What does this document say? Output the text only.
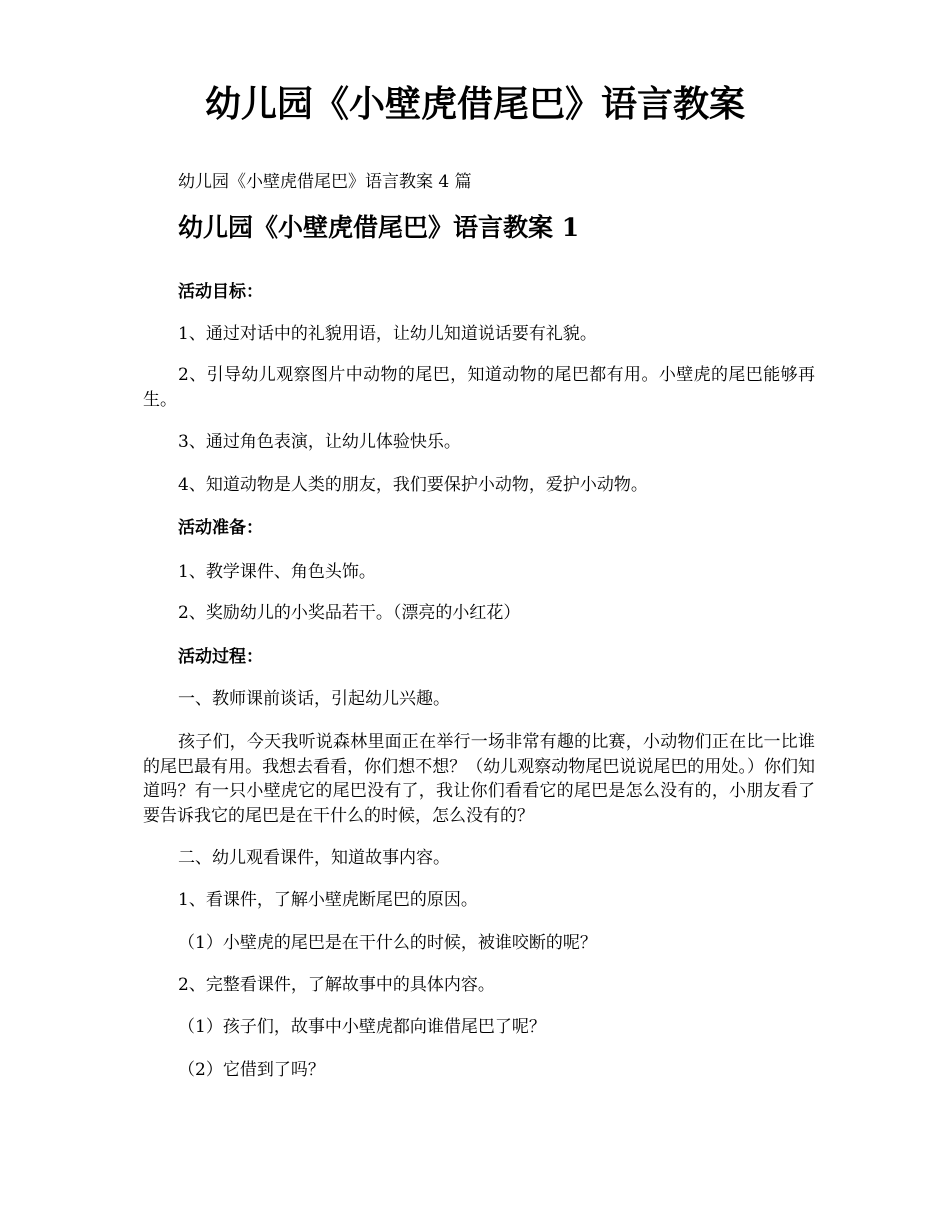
幼儿园《小壁虎借尾巴》语言教案

幼儿园《小壁虎借尾巴》语言教案 4 篇

幼儿园《小壁虎借尾巴》语言教案 1

活动目标：

1、通过对话中的礼貌用语，让幼儿知道说话要有礼貌。

2、引导幼儿观察图片中动物的尾巴，知道动物的尾巴都有用。小壁虎的尾巴能够再生。

3、通过角色表演，让幼儿体验快乐。

4、知道动物是人类的朋友，我们要保护小动物，爱护小动物。

活动准备：

1、教学课件、角色头饰。

2、奖励幼儿的小奖品若干。（漂亮的小红花）

活动过程：

一、教师课前谈话，引起幼儿兴趣。

孩子们，今天我听说森林里面正在举行一场非常有趣的比赛，小动物们正在比一比谁的尾巴最有用。我想去看看，你们想不想？（幼儿观察动物尾巴说说尾巴的用处。）你们知道吗？有一只小壁虎它的尾巴没有了，我让你们看看它的尾巴是怎么没有的，小朋友看了要告诉我它的尾巴是在干什么的时候，怎么没有的？

二、幼儿观看课件，知道故事内容。

1、看课件，了解小壁虎断尾巴的原因。

（1）小壁虎的尾巴是在干什么的时候，被谁咬断的呢？

2、完整看课件，了解故事中的具体内容。

（1）孩子们，故事中小壁虎都向谁借尾巴了呢？

（2）它借到了吗？
